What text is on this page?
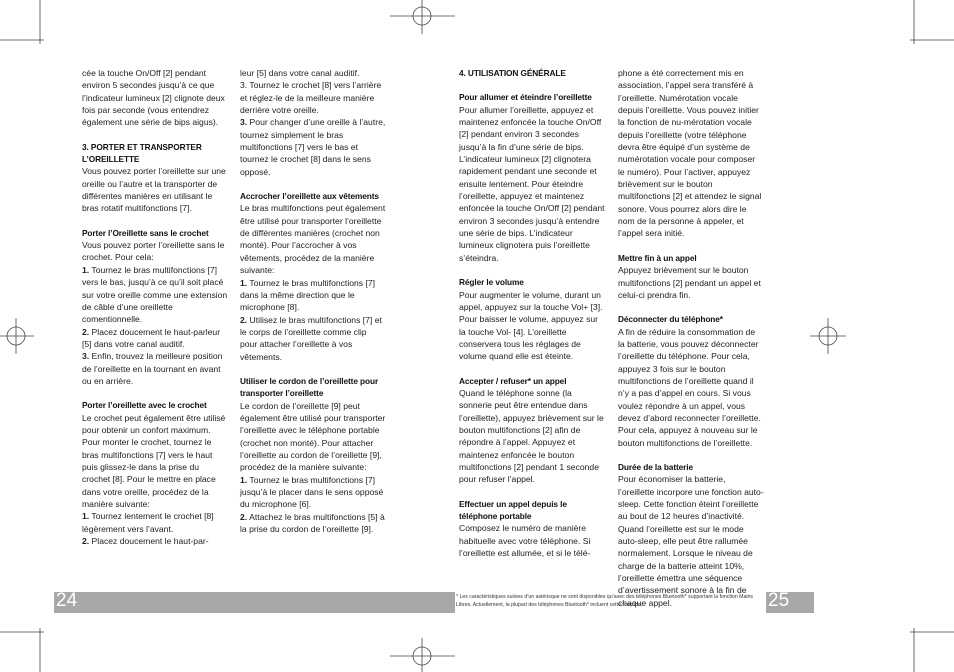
cée la touche On/Off [2] pendant environ 5 secondes jusqu’à ce que l’indicateur lumineux [2] clignote deux fois par seconde (vous entendrez également une série de bips aigus).

3. PORTER ET TRANSPORTER L’OREILLETTE

Vous pouvez porter l’oreillette sur une oreille ou l’autre et la transporter de différentes manières en utilisant le bras rotatif multifonctions [7].

Porter l’Oreillette sans le crochet

Vous pouvez porter l’oreillette sans le crochet. Pour cela:

1. Tournez le bras multifonctions [7] vers le bas, jusqu’à ce qu’il soit placé sur votre oreille comme une extension de câble d’une oreillette comentionnelle.

2. Placez doucement le haut-parleur [5] dans votre canal auditif.

3. Enfin, trouvez la meilleure position de l’oreillette en la tournant en avant ou en arrière.

Porter l’oreillette avec le crochet

Le crochet peut également être utilisé pour obtenir un confort maximum. Pour monter le crochet, tournez le bras multifonctions [7] vers le haut puis glissez-le dans la prise du crochet [8]. Pour le mettre en place dans votre oreille, procédez de la manière suivante:

1. Tournez lentement le crochet [8] légèrement vers l’avant.

2. Placez doucement le haut-par-

leur [5] dans votre canal auditif.

3. Tournez le crochet [8] vers l’arrière et réglez-le de la meilleure manière derrière votre oreille.

3. Pour changer d’une oreille à l’autre, tournez simplement le bras multifonctions [7] vers le bas et tournez le crochet [8] dans le sens opposé.

Accrocher l’oreillette aux vêtements

Le bras multifonctions peut également être utilisé pour transporter l’oreillette de différentes manières (crochet non monté). Pour l’accrocher à vos vêtements, procédez de la manière suivante:

1. Tournez le bras multifonctions [7] dans la même direction que le microphone [8].

2. Utilisez le bras multifonctions [7] et le corps de l’oreillette comme clip pour attacher l’oreillette à vos vêtements.

Utiliser le cordon de l’oreillette pour transporter l’oreillette

Le cordon de l’oreillette [9] peut également être utilisé pour transporter l’oreillette avec le téléphone portable (crochet non monté). Pour attacher l’oreillette au cordon de l’oreillette [9], procédez de la manière suivante:

1. Tournez le bras multifonctions [7] jusqu’à le placer dans le sens opposé du microphone [6].

2. Attachez le bras multifonctions [5] à la prise du cordon de l’oreillette [9].

4. UTILISATION GÉNÉRALE

Pour allumer et éteindre l’oreillette

Pour allumer l’oreillette, appuyez et maintenez enfoncée la touche On/Off [2] pendant environ 3 secondes jusqu’à la fin d’une série de bips. L’indicateur lumineux [2] clignotera rapidement pendant une seconde et ensuite lentement. Pour éteindre l’oreillette, appuyez et maintenez enfoncée la touche On/Off [2] pendant environ 3 secondes jusqu’à entendre une série de bips. L’indicateur lumineux clignotera puis l’oreillette s’éteindra.

Régler le volume

Pour augmenter le volume, durant un appel, appuyez sur la touche Vol+ [3]. Pour baisser le volume, appuyez sur la touche Vol- [4]. L’oreillette conservera tous les réglages de volume quand elle est éteinte.

Accepter / refuser* un appel

Quand le téléphone sonne (la sonnerie peut être entendue dans l’oreillette), appuyez brièvement sur le bouton multifonctions [2] afin de répondre à l’appel. Appuyez et maintenez enfoncée le bouton multifonctions [2] pendant 1 seconde pour refuser l’appel.

Effectuer un appel depuis le téléphone portable

Composez le numéro de manière habituelle avec votre téléphone. Si l’oreillette est allumée, et si le télé-

phone a été correctement mis en association, l’appel sera transféré à l’oreillette. Numérotation vocale depuis l’oreillette. Vous pouvez initier la fonction de nu-mérotation vocale depuis l’oreillette (votre téléphone devra être équipé d’un système de numérotation vocale pour composer le numéro). Pour l’activer, appuyez brièvement sur le bouton multifonctions [2] et attendez le signal sonore. Vous pourrez alors dire le nom de la personne à appeler, et l’appel sera initié.

Mettre fin à un appel

Appuyez brièvement sur le bouton multifonctions [2] pendant un appel et celui-ci prendra fin.

Déconnecter du téléphone*

A fin de réduire la consommation de la batterie, vous pouvez déconnecter l’oreillette du téléphone. Pour cela, appuyez 3 fois sur le bouton multifonctions de l’oreillette quand il n’y a pas d’appel en cours. Si vous voulez répondre à un appel, vous devez d’abord reconnecter l’oreillette. Pour cela, appuyez à nouveau sur le bouton multifonctions de l’oreillette.

Durée de la batterie

Pour économiser la batterie, l’oreillette incorpore une fonction auto-sleep. Cette fonction éteint l’oreillette au bout de 12 heures d’inactivité. Quand l’oreillette est sur le mode auto-sleep, elle peut être rallumée normalement. Lorsque le niveau de charge de la batterie atteint 10%, l’oreillette émettra une séquence d’avertissement sonore à la fin de chaque appel.

24	25
* Les caractéristiques suivies d’un astérisque ne sont disponibles qu’avec des téléphones Bluetooth* supportant la fonction Mains Libres. Actuellement, la plupart des téléphones Bluetooth* incluent cette fonction.
